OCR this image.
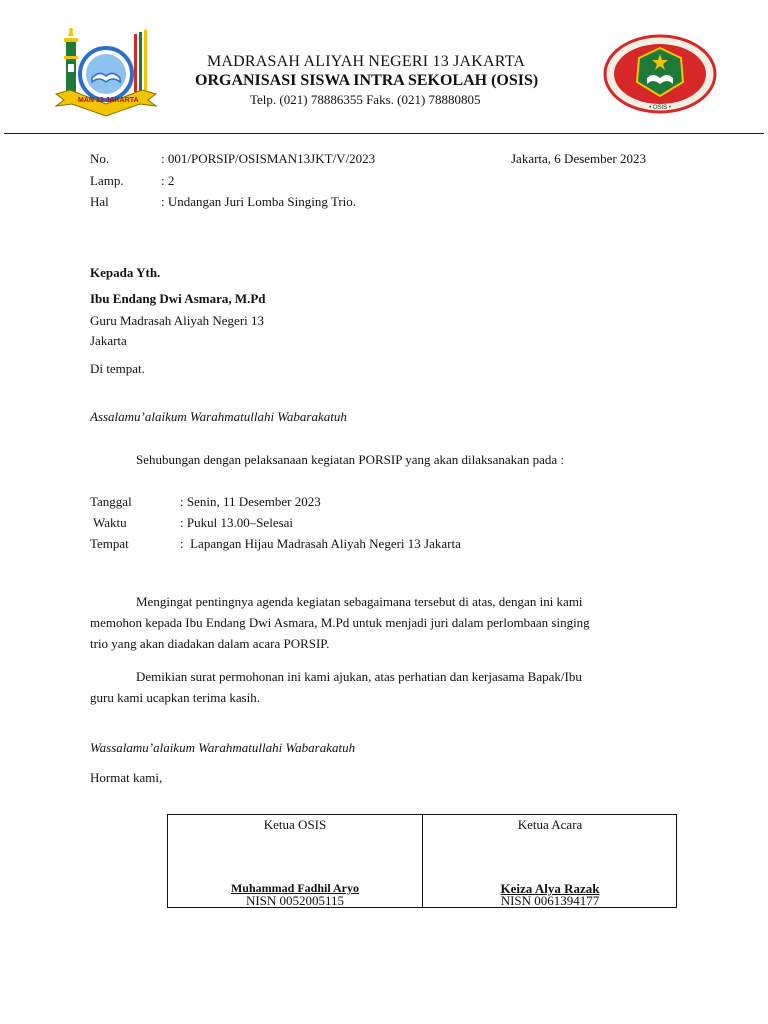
MAN 13 JAKARTA
MADRASAH ALIYAH NEGERI 13 JAKARTA
ORGANISASI SISWA INTRA SEKOLAH (OSIS)
Telp. (021) 78886355 Faks. (021) 78880805
• OSIS •
No.	: 001/PORSIP/OSISMAN13JKT/V/2023	Jakarta, 6 Desember 2023
Lamp.	: 2
Hal	: Undangan Juri Lomba Singing Trio.
Kepada Yth.
Ibu Endang Dwi Asmara, M.Pd
Guru Madrasah Aliyah Negeri 13
Jakarta
Di tempat.
Assalamu’alaikum Warahmatullahi Wabarakatuh
Sehubungan dengan pelaksanaan kegiatan PORSIP yang akan dilaksanakan pada :
Tanggal	: Senin, 11 Desember 2023
Waktu	: Pukul 13.00–Selesai
Tempat	:  Lapangan Hijau Madrasah Aliyah Negeri 13 Jakarta
Mengingat pentingnya agenda kegiatan sebagaimana tersebut di atas, dengan ini kami
memohon kepada Ibu Endang Dwi Asmara, M.Pd untuk menjadi juri dalam perlombaan singing
trio yang akan diadakan dalam acara PORSIP.
Demikian surat permohonan ini kami ajukan, atas perhatian dan kerjasama Bapak/Ibu
guru kami ucapkan terima kasih.
Wassalamu’alaikum Warahmatullahi Wabarakatuh
Hormat kami,
Ketua OSIS
Muhammad Fadhil Aryo
NISN 0052005115
Ketua Acara
Keiza Alya Razak
NISN 0061394177
